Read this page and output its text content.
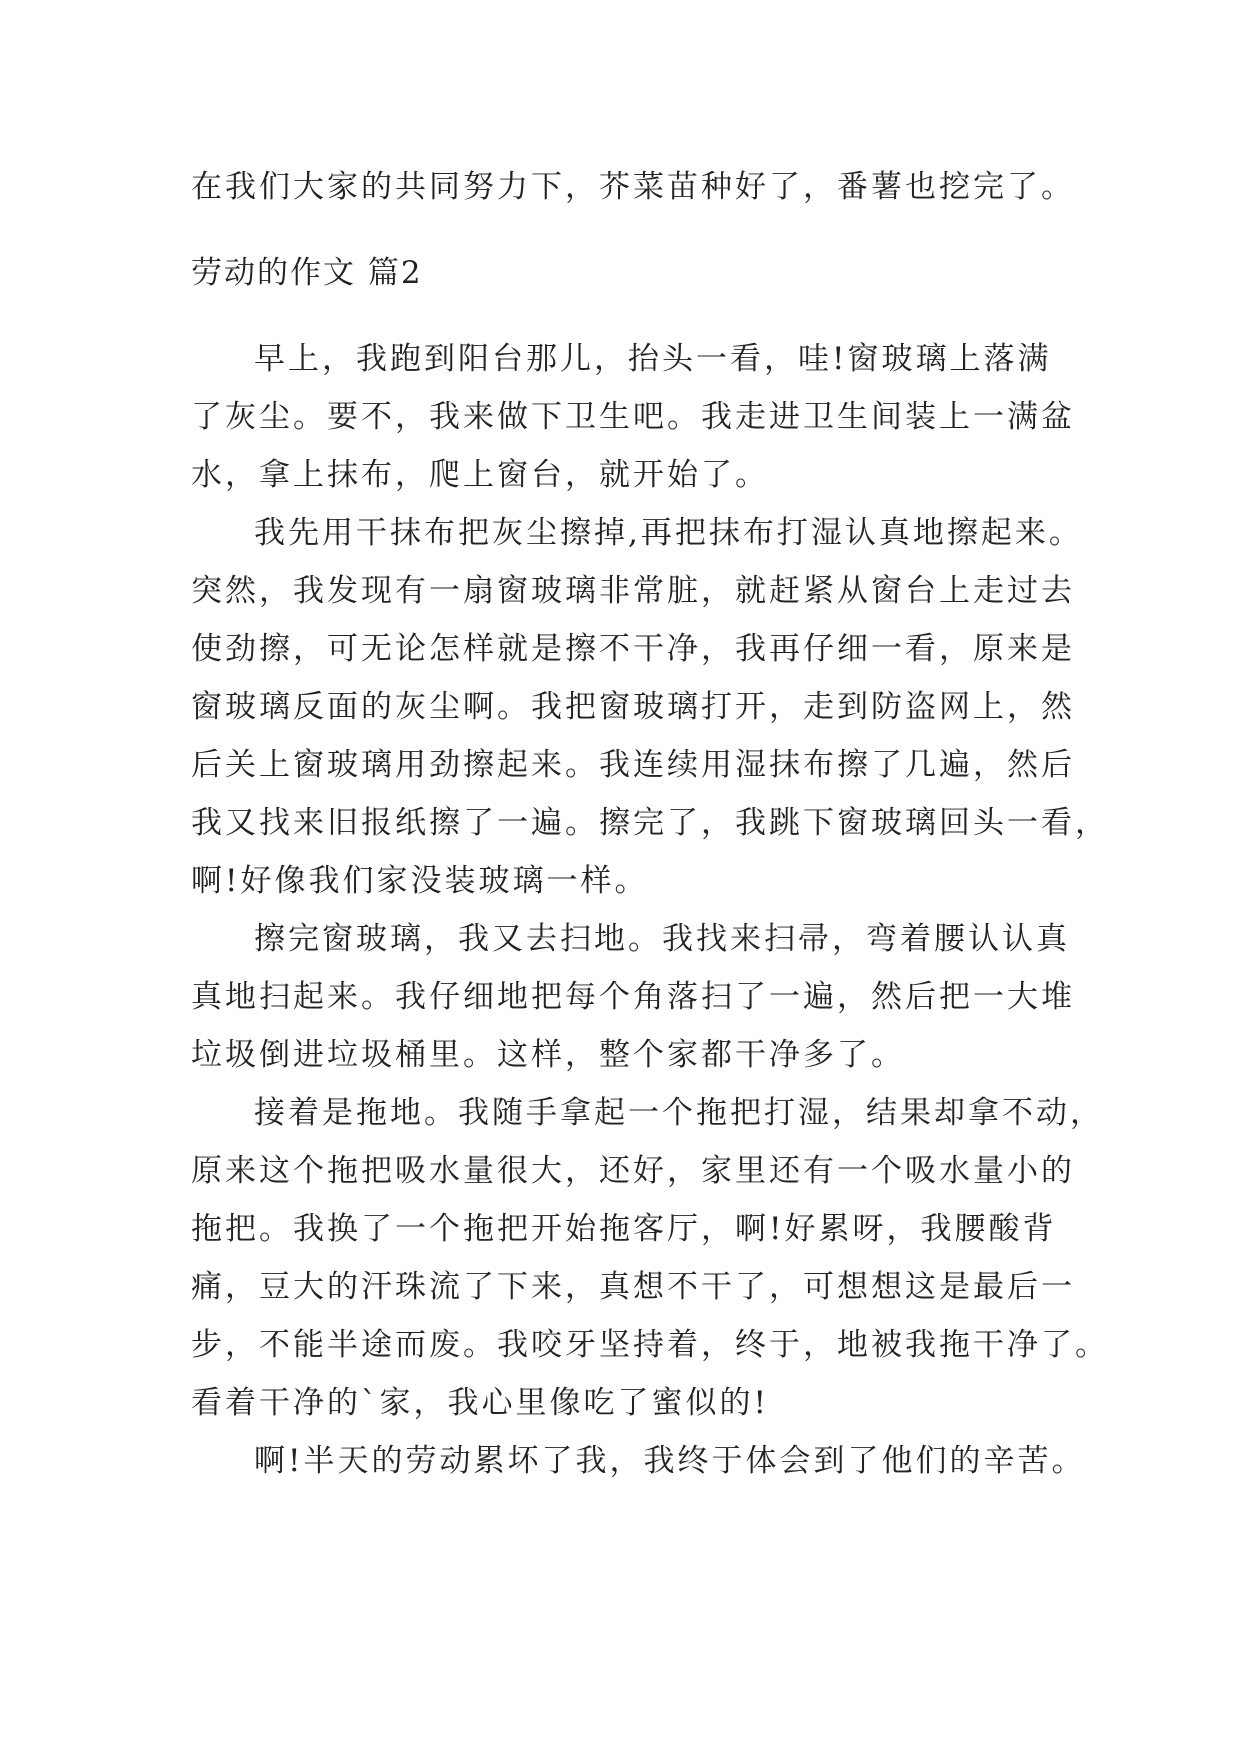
在我们大家的共同努力下，芥菜苗种好了，番薯也挖完了。
劳动的作文 篇2
早上，我跑到阳台那儿，抬头一看，哇!窗玻璃上落满
了灰尘。要不，我来做下卫生吧。我走进卫生间装上一满盆
水，拿上抹布，爬上窗台，就开始了。
我先用干抹布把灰尘擦掉,再把抹布打湿认真地擦起来。
突然，我发现有一扇窗玻璃非常脏，就赶紧从窗台上走过去
使劲擦，可无论怎样就是擦不干净，我再仔细一看，原来是
窗玻璃反面的灰尘啊。我把窗玻璃打开，走到防盗网上，然
后关上窗玻璃用劲擦起来。我连续用湿抹布擦了几遍，然后
我又找来旧报纸擦了一遍。擦完了，我跳下窗玻璃回头一看，
啊!好像我们家没装玻璃一样。
擦完窗玻璃，我又去扫地。我找来扫帚，弯着腰认认真
真地扫起来。我仔细地把每个角落扫了一遍，然后把一大堆
垃圾倒进垃圾桶里。这样，整个家都干净多了。
接着是拖地。我随手拿起一个拖把打湿，结果却拿不动，
原来这个拖把吸水量很大，还好，家里还有一个吸水量小的
拖把。我换了一个拖把开始拖客厅，啊!好累呀，我腰酸背
痛，豆大的汗珠流了下来，真想不干了，可想想这是最后一
步，不能半途而废。我咬牙坚持着，终于，地被我拖干净了。
看着干净的`家，我心里像吃了蜜似的!
啊!半天的劳动累坏了我，我终于体会到了他们的辛苦。
